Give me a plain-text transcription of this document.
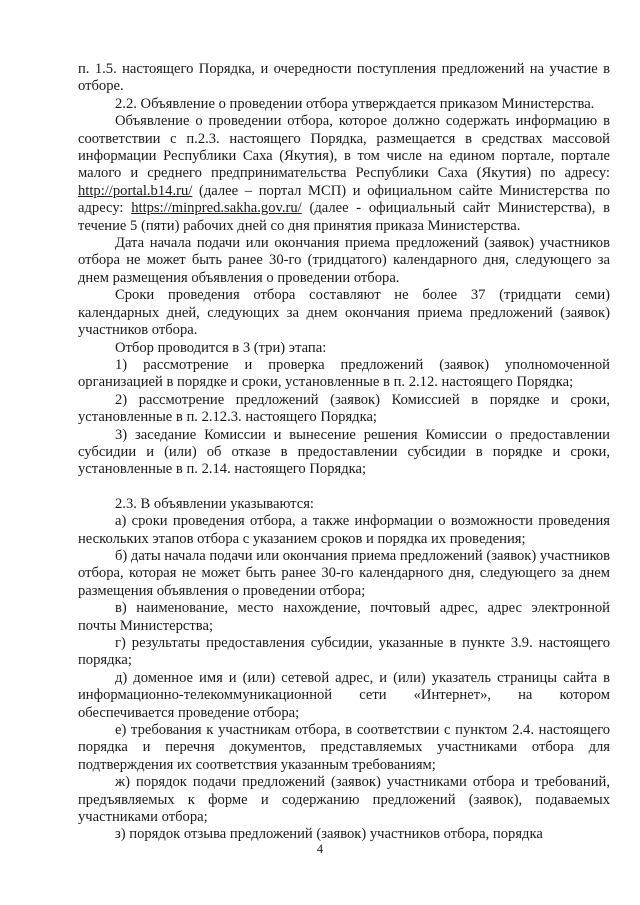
п. 1.5. настоящего Порядка, и очередности поступления предложений на участие в отборе.

2.2. Объявление о проведении отбора утверждается приказом Министерства.

Объявление о проведении отбора, которое должно содержать информацию в соответствии с п.2.3. настоящего Порядка, размещается в средствах массовой информации Республики Саха (Якутия), в том числе на едином портале, портале малого и среднего предпринимательства Республики Саха (Якутия) по адресу: http://portal.b14.ru/ (далее – портал МСП) и официальном сайте Министерства по адресу: https://minpred.sakha.gov.ru/ (далее - официальный сайт Министерства), в течение 5 (пяти) рабочих дней со дня принятия приказа Министерства.

Дата начала подачи или окончания приема предложений (заявок) участников отбора не может быть ранее 30-го (тридцатого) календарного дня, следующего за днем размещения объявления о проведении отбора.

Сроки проведения отбора составляют не более 37 (тридцати семи) календарных дней, следующих за днем окончания приема предложений (заявок) участников отбора.

Отбор проводится в 3 (три) этапа:

1) рассмотрение и проверка предложений (заявок) уполномоченной организацией в порядке и сроки, установленные в п. 2.12. настоящего Порядка;

2) рассмотрение предложений (заявок) Комиссией в порядке и сроки, установленные в п. 2.12.3. настоящего Порядка;

3) заседание Комиссии и вынесение решения Комиссии о предоставлении субсидии и (или) об отказе в предоставлении субсидии в порядке и сроки, установленные в п. 2.14. настоящего Порядка;

2.3. В объявлении указываются:

а) сроки проведения отбора, а также информации о возможности проведения нескольких этапов отбора с указанием сроков и порядка их проведения;

б) даты начала подачи или окончания приема предложений (заявок) участников отбора, которая не может быть ранее 30-го календарного дня, следующего за днем размещения объявления о проведении отбора;

в) наименование, место нахождение, почтовый адрес, адрес электронной почты Министерства;

г) результаты предоставления субсидии, указанные в пункте 3.9. настоящего порядка;

д) доменное имя и (или) сетевой адрес, и (или) указатель страницы сайта в информационно-телекоммуникационной сети «Интернет», на котором обеспечивается проведение отбора;

е) требования к участникам отбора, в соответствии с пунктом 2.4. настоящего порядка и перечня документов, представляемых участниками отбора для подтверждения их соответствия указанным требованиям;

ж) порядок подачи предложений (заявок) участниками отбора и требований, предъявляемых к форме и содержанию предложений (заявок), подаваемых участниками отбора;

з) порядок отзыва предложений (заявок) участников отбора, порядка

4
